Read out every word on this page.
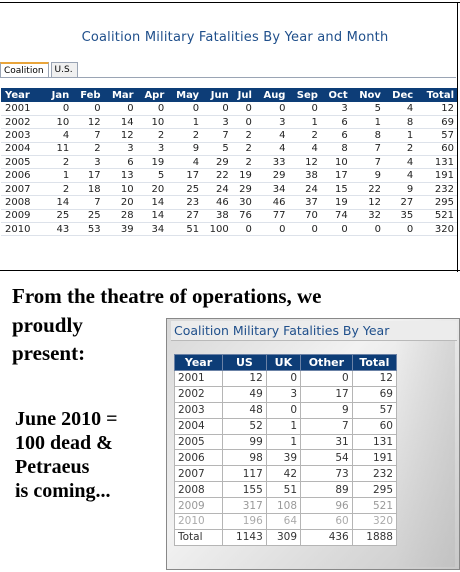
Coalition Military Fatalities By Year and Month
Coalition	U.S.
Year	Jan	Feb	Mar	Apr	May	Jun	Jul	Aug	Sep	Oct	Nov	Dec	Total
2001	0	0	0	0	0	0	0	0	0	3	5	4	12
2002	10	12	14	10	1	3	0	3	1	6	1	8	69
2003	4	7	12	2	2	7	2	4	2	6	8	1	57
2004	11	2	3	3	9	5	2	4	4	8	7	2	60
2005	2	3	6	19	4	29	2	33	12	10	7	4	131
2006	1	17	13	5	17	22	19	29	38	17	9	4	191
2007	2	18	10	20	25	24	29	34	24	15	22	9	232
2008	14	7	20	14	23	46	30	46	37	19	12	27	295
2009	25	25	28	14	27	38	76	77	70	74	32	35	521
2010	43	53	39	34	51	100	0	0	0	0	0	0	320
From the theatre of operations, we
proudly
present:
June 2010 =
100 dead &
Petraeus
is coming...
Coalition Military Fatalities By Year
Year	US	UK	Other	Total
2001	12	0	0	12
2002	49	3	17	69
2003	48	0	9	57
2004	52	1	7	60
2005	99	1	31	131
2006	98	39	54	191
2007	117	42	73	232
2008	155	51	89	295
2009	317	108	96	521
2010	196	64	60	320
Total	1143	309	436	1888
